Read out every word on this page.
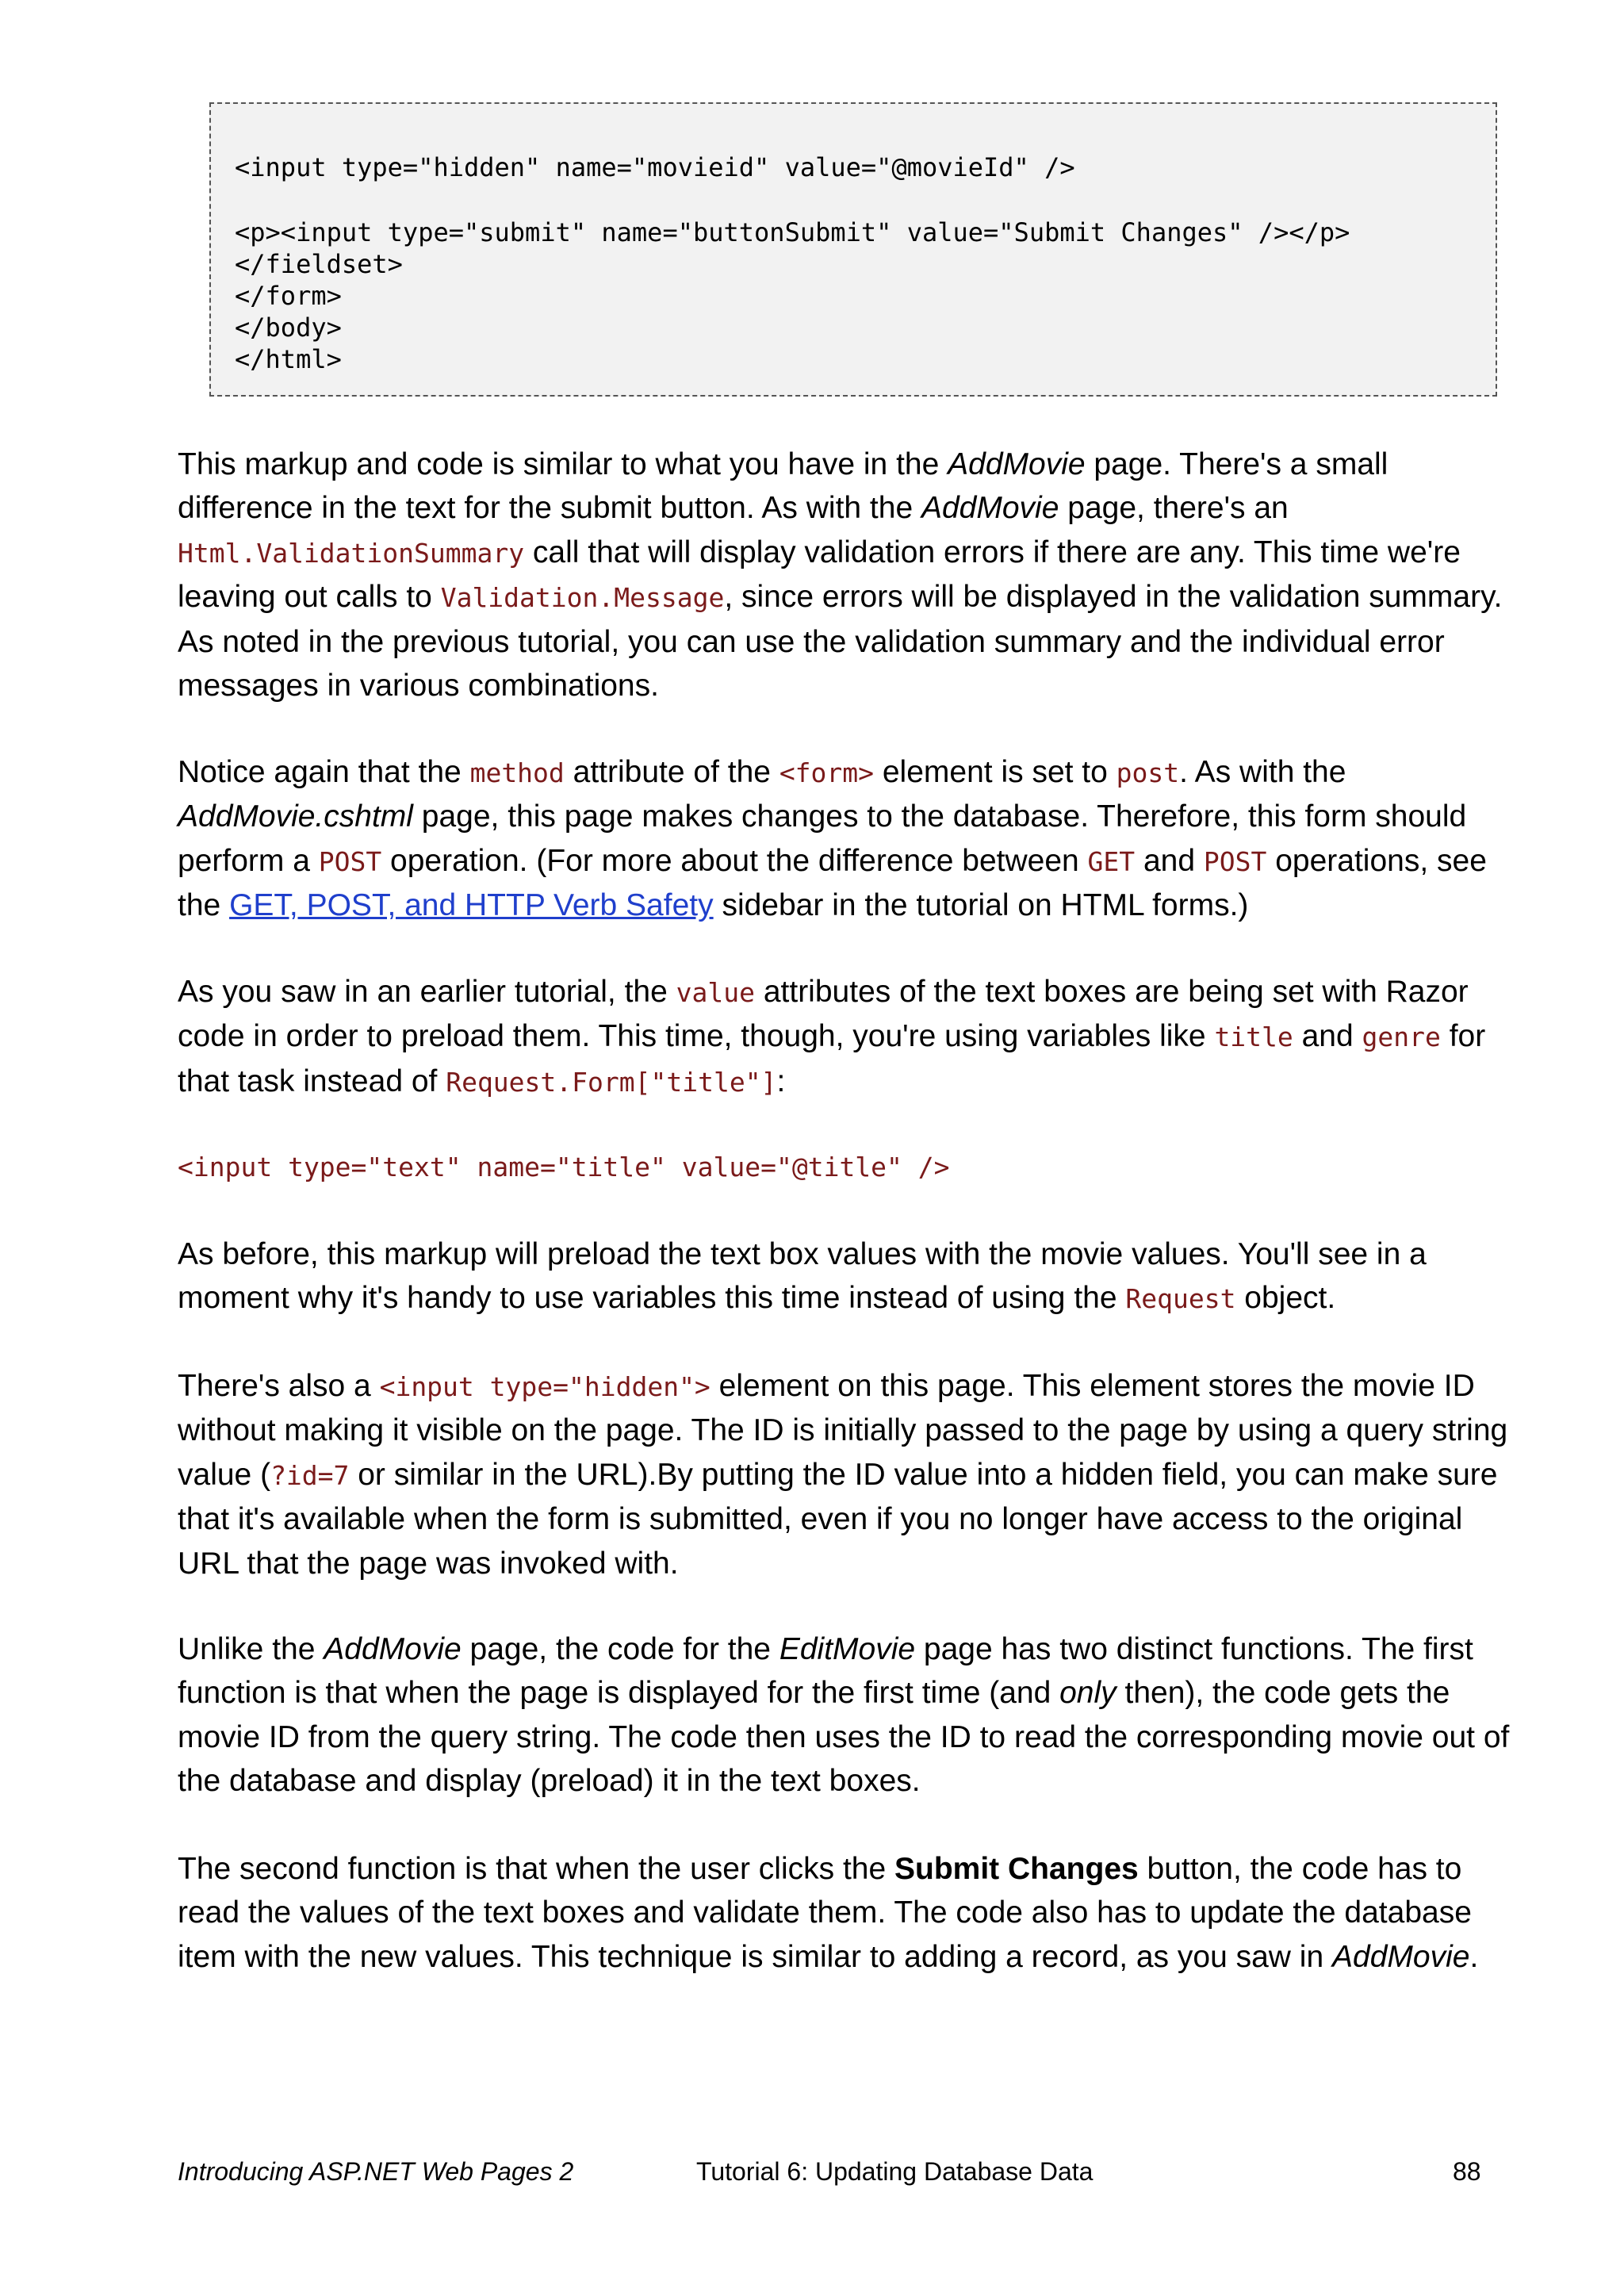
<input type="hidden" name="movieid" value="@movieId" />
<p><input type="submit" name="buttonSubmit" value="Submit Changes" /></p>
</fieldset>
</form>
</body>
</html>

This markup and code is similar to what you have in the AddMovie page. There's a small difference in the text for the submit button. As with the AddMovie page, there's an Html.ValidationSummary call that will display validation errors if there are any. This time we're leaving out calls to Validation.Message, since errors will be displayed in the validation summary. As noted in the previous tutorial, you can use the validation summary and the individual error messages in various combinations.

Notice again that the method attribute of the <form> element is set to post. As with the AddMovie.cshtml page, this page makes changes to the database. Therefore, this form should perform a POST operation. (For more about the difference between GET and POST operations, see the GET, POST, and HTTP Verb Safety sidebar in the tutorial on HTML forms.)

As you saw in an earlier tutorial, the value attributes of the text boxes are being set with Razor code in order to preload them. This time, though, you're using variables like title and genre for that task instead of Request.Form["title"]:

<input type="text" name="title" value="@title" />

As before, this markup will preload the text box values with the movie values. You'll see in a moment why it's handy to use variables this time instead of using the Request object.

There's also a <input type="hidden"> element on this page. This element stores the movie ID without making it visible on the page. The ID is initially passed to the page by using a query string value (?id=7 or similar in the URL).By putting the ID value into a hidden field, you can make sure that it's available when the form is submitted, even if you no longer have access to the original URL that the page was invoked with.

Unlike the AddMovie page, the code for the EditMovie page has two distinct functions. The first function is that when the page is displayed for the first time (and only then), the code gets the movie ID from the query string. The code then uses the ID to read the corresponding movie out of the database and display (preload) it in the text boxes.

The second function is that when the user clicks the Submit Changes button, the code has to read the values of the text boxes and validate them. The code also has to update the database item with the new values. This technique is similar to adding a record, as you saw in AddMovie.

Introducing ASP.NET Web Pages 2	Tutorial 6: Updating Database Data	88
